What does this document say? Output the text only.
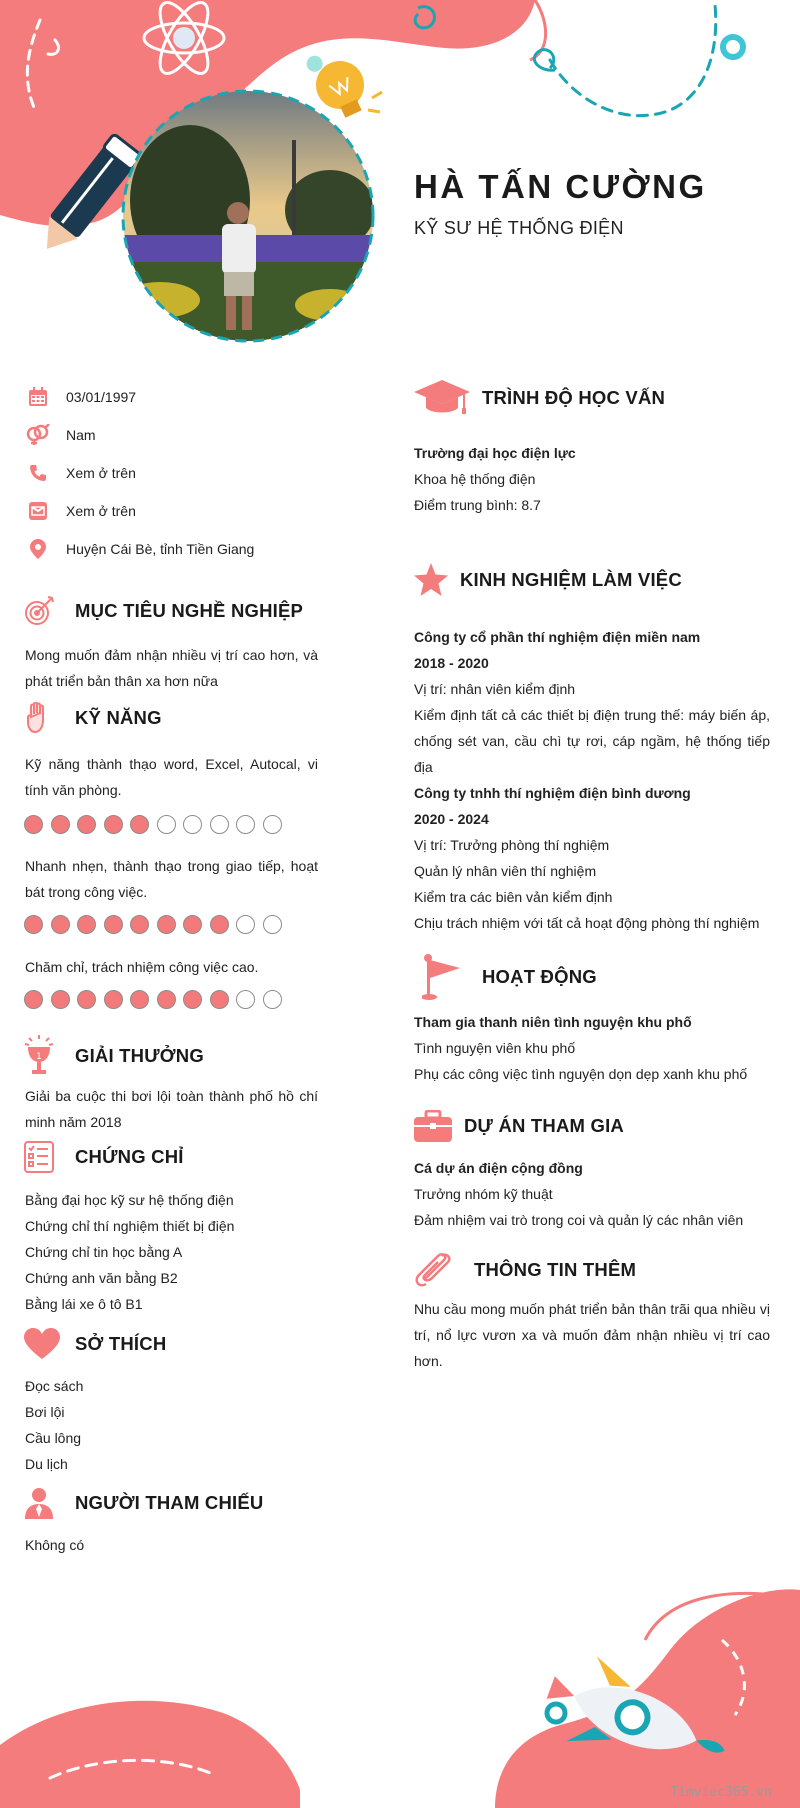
HÀ TẤN CƯỜNG
KỸ SƯ HỆ THỐNG ĐIỆN
03/01/1997
Nam
Xem ở trên
Xem ở trên
Huyện Cái Bè, tỉnh Tiền Giang
MỤC TIÊU NGHỀ NGHIỆP
Mong muốn đảm nhận nhiều vị trí cao hơn, và phát triển bản thân xa hơn nữa
KỸ NĂNG
Kỹ năng thành thạo word, Excel, Autocal, vi tính văn phòng.
Nhanh nhẹn, thành thạo trong giao tiếp, hoạt bát trong công việc.
Chăm chỉ, trách nhiệm công việc cao.
1 GIẢI THƯỞNG
Giải ba cuộc thi bơi lội toàn thành phố hồ chí minh năm 2018
CHỨNG CHỈ
Bằng đại học kỹ sư hệ thống điện
Chứng chỉ thí nghiệm thiết bị điện
Chứng chỉ tin học bằng A
Chứng anh văn bằng B2
Bằng lái xe ô tô B1
SỞ THÍCH
Đọc sách
Bơi lội
Cầu lông
Du lịch
NGƯỜI THAM CHIẾU
Không có
TRÌNH ĐỘ HỌC VẤN
Trường đại học điện lực
Khoa hệ thống điện
Điểm trung bình: 8.7
KINH NGHIỆM LÀM VIỆC
Công ty cổ phần thí nghiệm điện miền nam
2018 - 2020
Vị trí: nhân viên kiểm định
Kiểm định tất cả các thiết bị điện trung thế: máy biến áp, chống sét van, cầu chì tự rơi, cáp ngầm, hệ thống tiếp địa
Công ty tnhh thí nghiệm điện bình dương
2020 - 2024
Vị trí: Trưởng phòng thí nghiệm
Quản lý nhân viên thí nghiệm
Kiểm tra các biên vản kiểm định
Chịu trách nhiệm với tất cả hoạt động phòng thí nghiệm
HOẠT ĐỘNG
Tham gia thanh niên tình nguyện khu phố
Tình nguyện viên khu phố
Phụ các công việc tình nguyện dọn dẹp xanh khu phố
DỰ ÁN THAM GIA
Cá dự án điện cộng đồng
Trưởng nhóm kỹ thuật
Đảm nhiệm vai trò trong coi và quản lý các nhân viên
THÔNG TIN THÊM
Nhu cầu mong muốn phát triển bản thân trãi qua nhiều vị trí, nổ lực vươn xa và muốn đảm nhận nhiều vị trí cao hơn.
Timviec365.vn
